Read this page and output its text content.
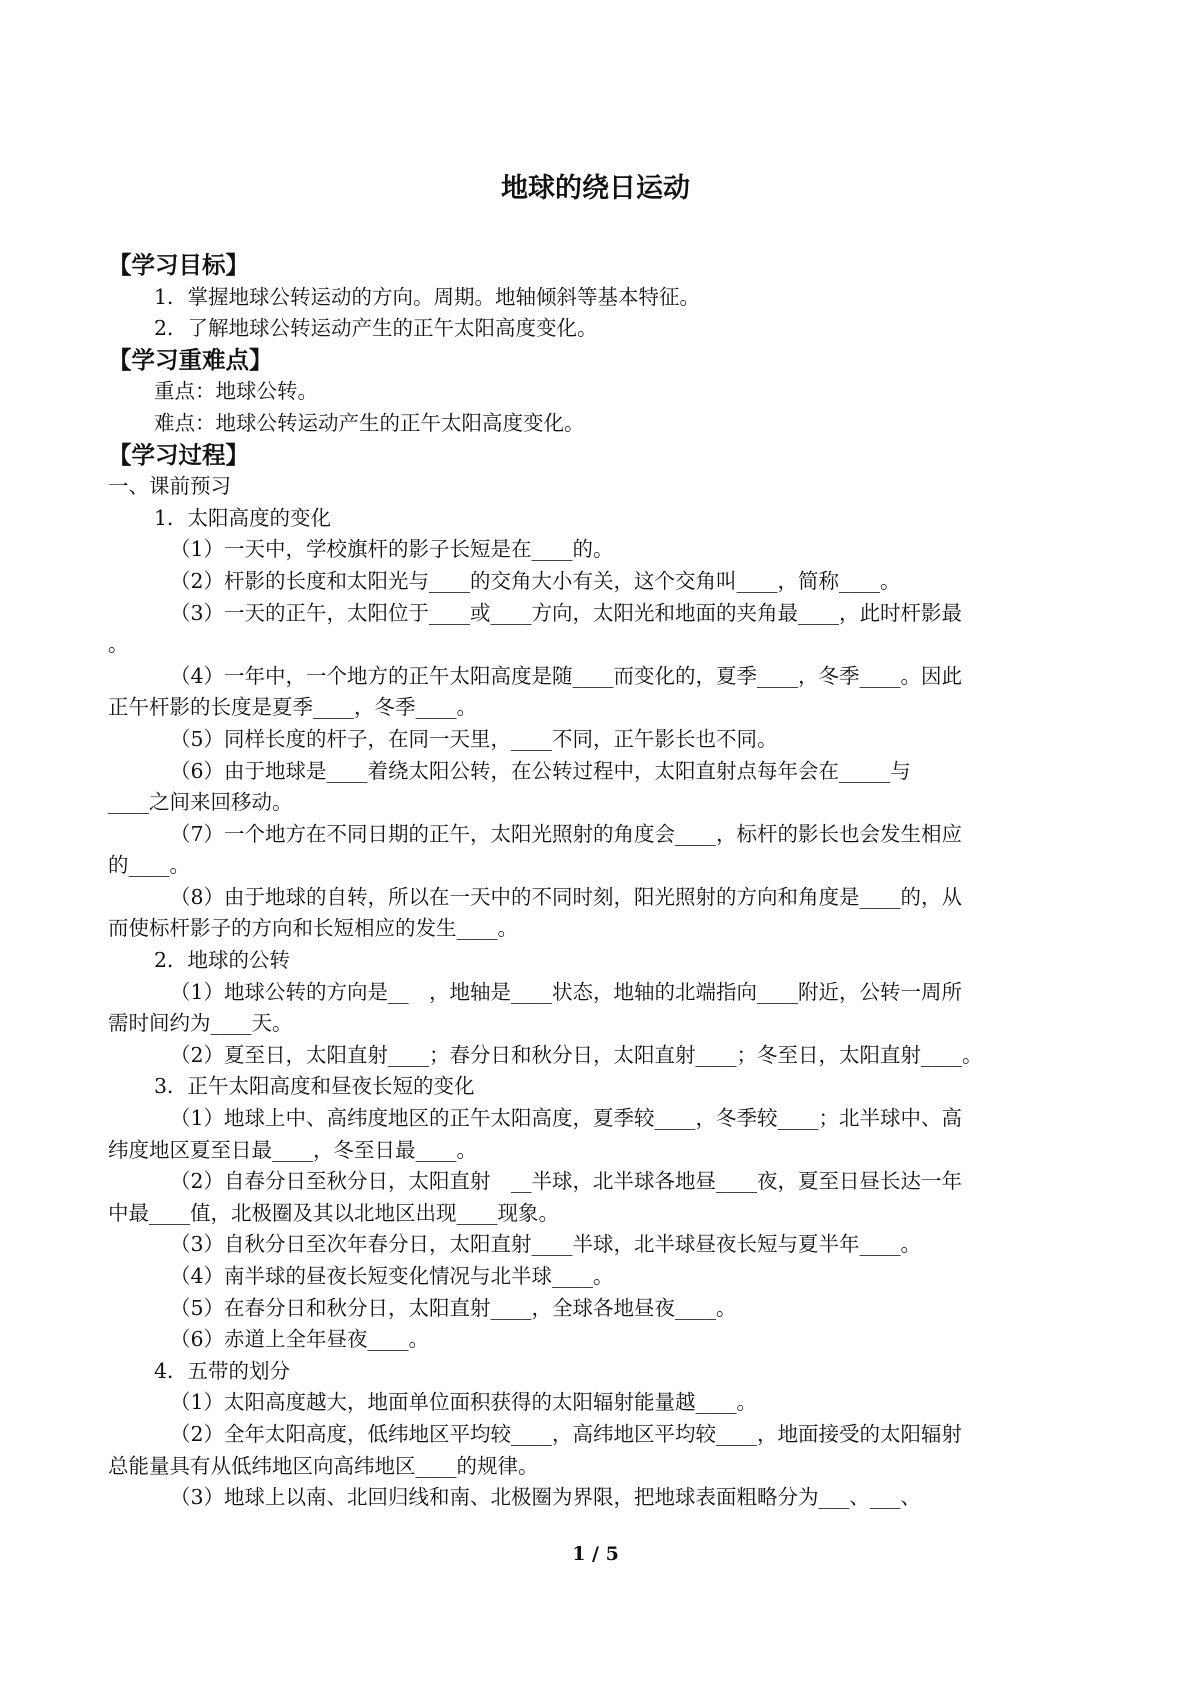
地球的绕日运动
【学习目标】
1．掌握地球公转运动的方向。周期。地轴倾斜等基本特征。
2．了解地球公转运动产生的正午太阳高度变化。
【学习重难点】
重点：地球公转。
难点：地球公转运动产生的正午太阳高度变化。
【学习过程】
一、课前预习
1．太阳高度的变化
（1）一天中，学校旗杆的影子长短是在____的。
（2）杆影的长度和太阳光与____的交角大小有关，这个交角叫____，简称____。
（3）一天的正午，太阳位于____或____方向，太阳光和地面的夹角最____，此时杆影最
。
（4）一年中，一个地方的正午太阳高度是随____而变化的，夏季____，冬季____。因此
正午杆影的长度是夏季____，冬季____。
（5）同样长度的杆子，在同一天里，____不同，正午影长也不同。
（6）由于地球是____着绕太阳公转，在公转过程中，太阳直射点每年会在_____与
____之间来回移动。
（7）一个地方在不同日期的正午，太阳光照射的角度会____，标杆的影长也会发生相应
的____。
（8）由于地球的自转，所以在一天中的不同时刻，阳光照射的方向和角度是____的，从
而使标杆影子的方向和长短相应的发生____。
2．地球的公转
（1）地球公转的方向是__　，地轴是____状态，地轴的北端指向____附近，公转一周所
需时间约为____天。
（2）夏至日，太阳直射____；春分日和秋分日，太阳直射____；冬至日，太阳直射____。
3．正午太阳高度和昼夜长短的变化
（1）地球上中、高纬度地区的正午太阳高度，夏季较____，冬季较____；北半球中、高
纬度地区夏至日最____，冬至日最____。
（2）自春分日至秋分日，太阳直射　__半球，北半球各地昼____夜，夏至日昼长达一年
中最____值，北极圈及其以北地区出现____现象。
（3）自秋分日至次年春分日，太阳直射____半球，北半球昼夜长短与夏半年____。
（4）南半球的昼夜长短变化情况与北半球____。
（5）在春分日和秋分日，太阳直射____，全球各地昼夜____。
（6）赤道上全年昼夜____。
4．五带的划分
（1）太阳高度越大，地面单位面积获得的太阳辐射能量越____。
（2）全年太阳高度，低纬地区平均较____，高纬地区平均较____，地面接受的太阳辐射
总能量具有从低纬地区向高纬地区____的规律。
（3）地球上以南、北回归线和南、北极圈为界限，把地球表面粗略分为___、___、
1 / 5
